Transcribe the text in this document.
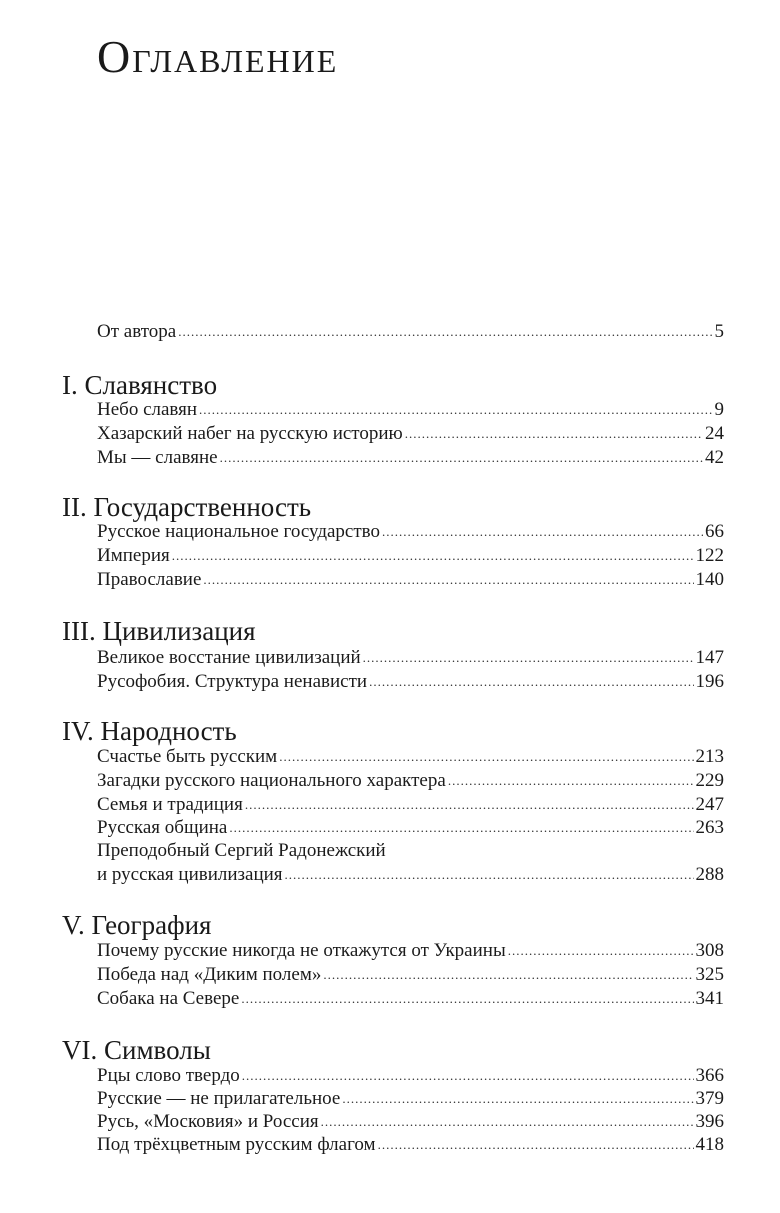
Оглавление
От автора .....	5
I. Славянство
Небо славян .....	9
Хазарский набег на русскую историю .....	24
Мы — славяне .....	42
II. Государственность
Русское национальное государство .....	66
Империя .....	122
Православие .....	140
III. Цивилизация
Великое восстание цивилизаций .....	147
Русофобия. Структура ненависти .....	196
IV. Народность
Счастье быть русским .....	213
Загадки русского национального характера .....	229
Семья и традиция .....	247
Русская община .....	263
Преподобный Сергий Радонежский
и русская цивилизация .....	288
V. География
Почему русские никогда не откажутся от Украины .....	308
Победа над «Диким полем» .....	325
Собака на Севере .....	341
VI. Символы
Рцы слово твердо .....	366
Русские — не прилагательное .....	379
Русь, «Московия» и Россия .....	396
Под трёхцветным русским флагом .....	418
